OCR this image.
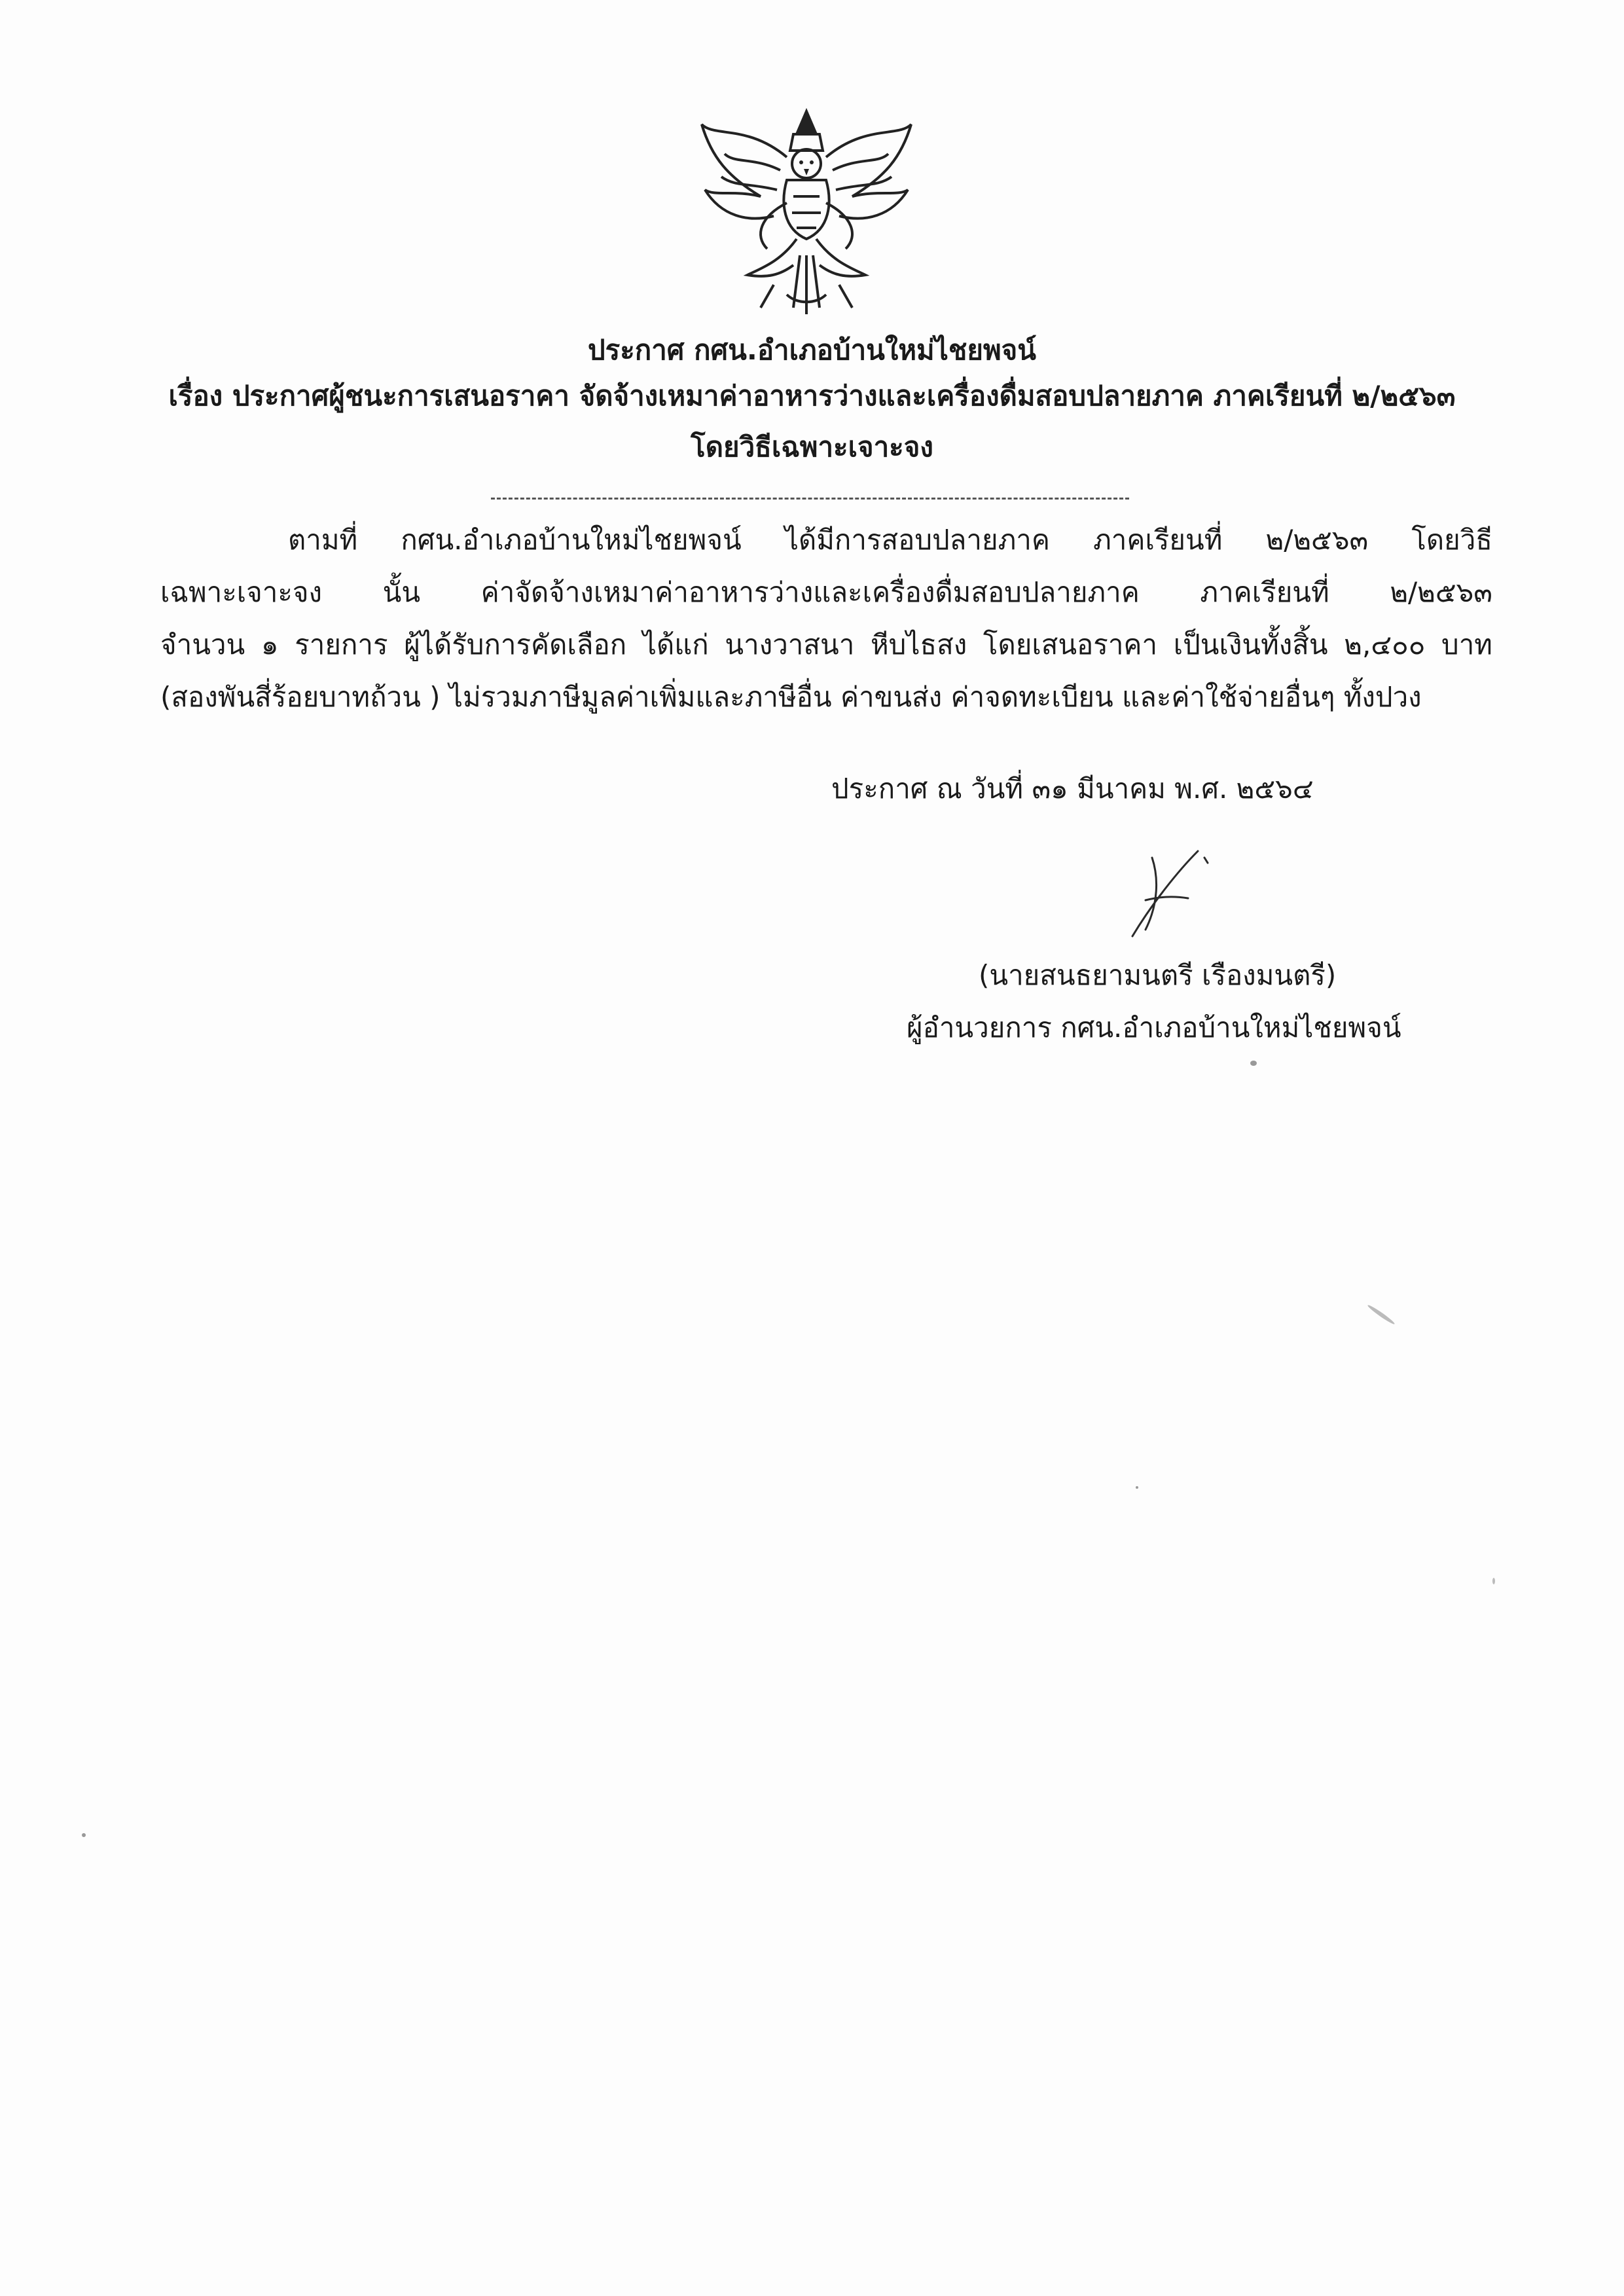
ประกาศ กศน.อำเภอบ้านใหม่ไชยพจน์
เรื่อง ประกาศผู้ชนะการเสนอราคา จัดจ้างเหมาค่าอาหารว่างและเครื่องดื่มสอบปลายภาค ภาคเรียนที่ ๒/๒๕๖๓
โดยวิธีเฉพาะเจาะจง
ตามที่ กศน.อำเภอบ้านใหม่ไชยพจน์ ได้มีการสอบปลายภาค ภาคเรียนที่ ๒/๒๕๖๓ โดยวิธี
เฉพาะเจาะจง นั้น ค่าจัดจ้างเหมาค่าอาหารว่างและเครื่องดื่มสอบปลายภาค ภาคเรียนที่ ๒/๒๕๖๓
จำนวน ๑ รายการ ผู้ได้รับการคัดเลือก ได้แก่ นางวาสนา หีบไธสง โดยเสนอราคา เป็นเงินทั้งสิ้น ๒,๔๐๐ บาท
(สองพันสี่ร้อยบาทถ้วน ) ไม่รวมภาษีมูลค่าเพิ่มและภาษีอื่น ค่าขนส่ง ค่าจดทะเบียน และค่าใช้จ่ายอื่นๆ ทั้งปวง
ประกาศ ณ วันที่ ๓๑ มีนาคม พ.ศ. ๒๕๖๔
(นายสนธยามนตรี เรืองมนตรี)
ผู้อำนวยการ กศน.อำเภอบ้านใหม่ไชยพจน์
